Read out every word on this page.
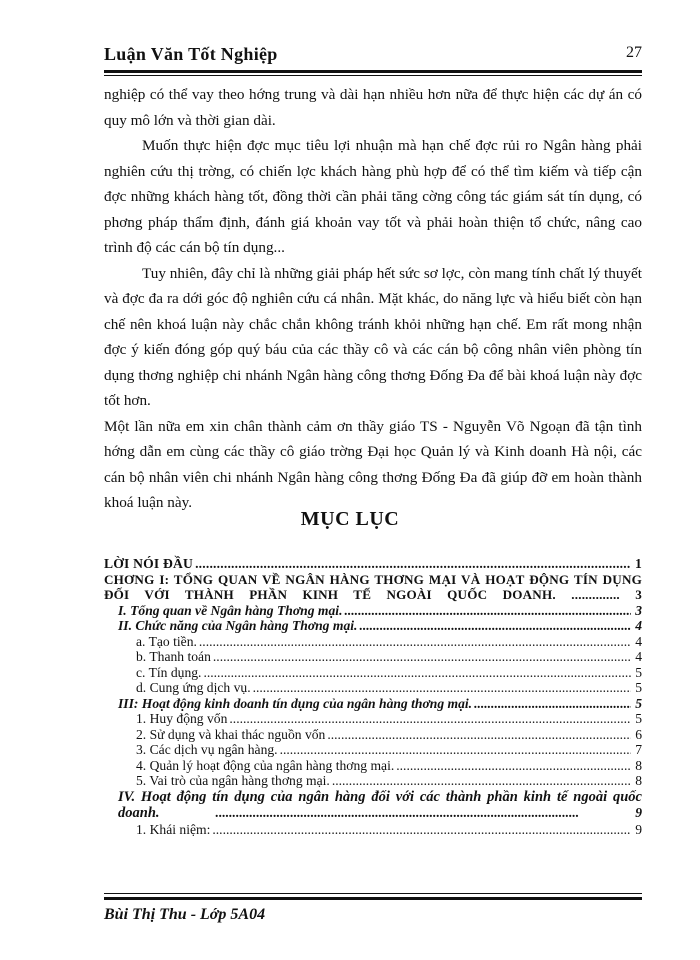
Luận Văn Tốt Nghiệp	27

nghiệp có thể vay theo hớng trung và dài hạn nhiều hơn nữa để thực hiện các dự án có quy mô lớn và thời gian dài.

Muốn thực hiện đợc mục tiêu lợi nhuận mà hạn chế đợc rủi ro Ngân hàng phải nghiên cứu thị trờng, có chiến lợc khách hàng phù hợp để có thể tìm kiếm và tiếp cận đợc những khách hàng tốt, đồng thời cần phải tăng cờng công tác giám sát tín dụng, có phơng pháp thẩm định, đánh giá khoản vay tốt và phải hoàn thiện tổ chức, nâng cao trình độ các cán bộ tín dụng...

Tuy nhiên, đây chỉ là những giải pháp hết sức sơ lợc, còn mang tính chất lý thuyết và đợc đa ra dới góc độ nghiên cứu cá nhân. Mặt khác, do năng lực và hiểu biết còn hạn chế nên khoá luận này chắc chắn không tránh khỏi những hạn chế. Em rất mong nhận đợc ý kiến đóng góp quý báu của các thầy cô và các cán bộ công nhân viên phòng tín dụng thơng nghiệp chi nhánh Ngân hàng công thơng Đống Đa để bài khoá luận này đợc tốt hơn.

Một lần nữa em xin chân thành cảm ơn thầy giáo TS - Nguyễn Võ Ngoạn đã tận tình hớng dẫn em cùng các thầy cô giáo trờng Đại học Quản lý và Kinh doanh Hà nội, các cán bộ nhân viên chi nhánh Ngân hàng công thơng Đống Đa đã giúp đỡ em hoàn thành khoá luận này.

MỤC LỤC
LỜI NÓI ĐẦU .....	1
CHƠNG I: TỔNG QUAN VỀ NGÂN HÀNG THƠNG MẠI VÀ HOẠT ĐỘNG TÍN DỤNG ĐỐI VỚI THÀNH PHẦN KINH TẾ NGOÀI QUỐC DOANH. .............. 3
I. Tổng quan về Ngân hàng Thơng mại. .....	3
II. Chức năng của Ngân hàng Thơng mại. .....	4
a. Tạo tiền. .....	4
b. Thanh toán .....	4
c. Tín dụng. .....	5
d. Cung ứng dịch vụ. .....	5
III: Hoạt động kinh doanh tín dụng của ngân hàng thơng mại. .....	5
1. Huy động vốn .....	5
2. Sử dụng và khai thác nguồn vốn .....	6
3. Các dịch vụ ngân hàng. .....	7
4. Quản lý hoạt động của ngân hàng thơng mại. .....	8
5. Vai trò của ngân hàng thơng mại. .....	8
IV. Hoạt động tín dụng của ngân hàng đối với các thành phần kinh tế ngoài quốc doanh.	........................................................................................................... 9
1. Khái niệm: .....	9
Bùi Thị Thu - Lớp 5A04
